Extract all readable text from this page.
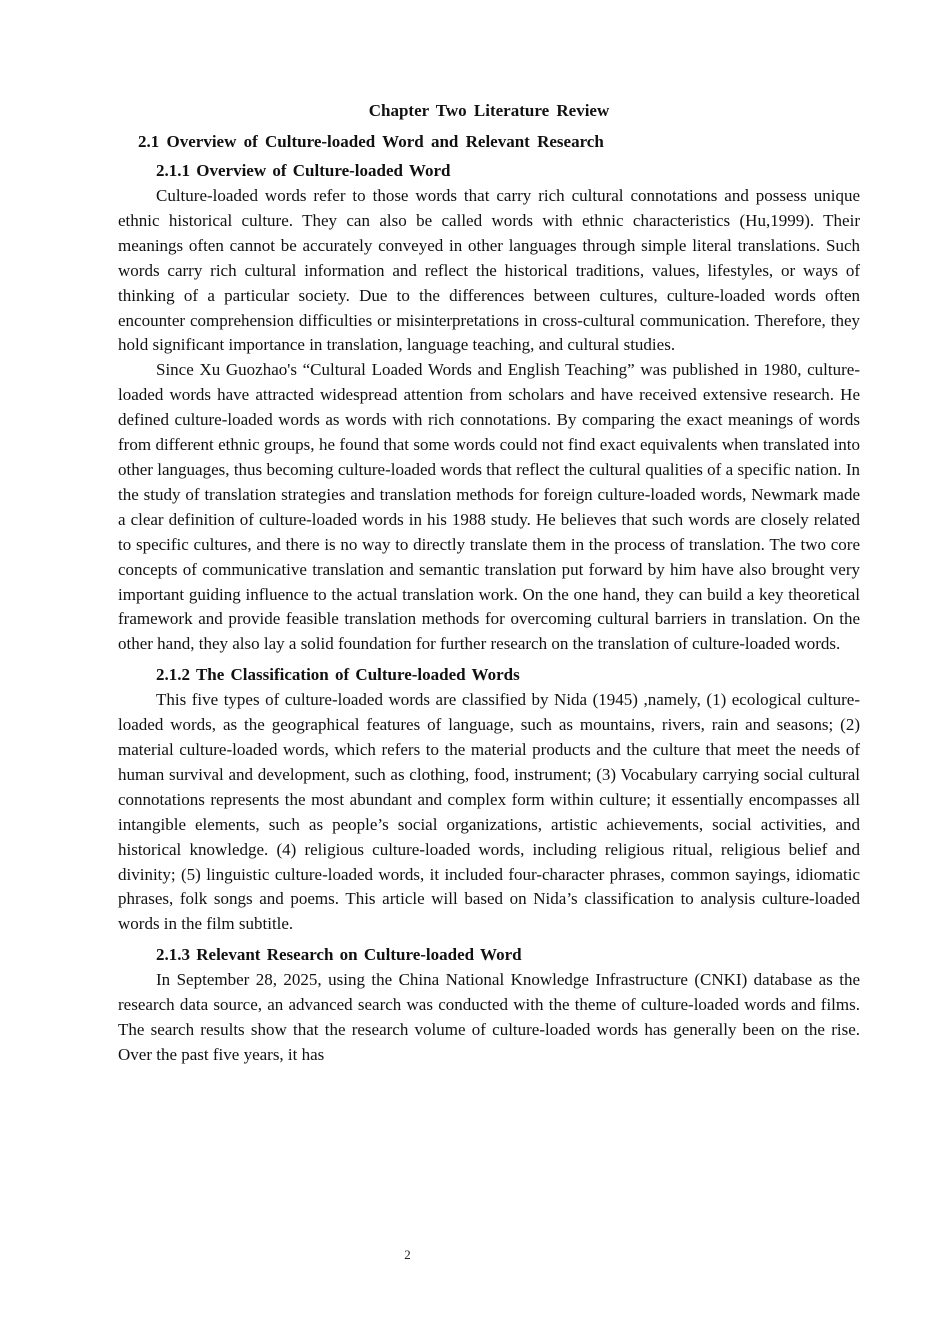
Chapter Two Literature Review
2.1 Overview of Culture-loaded Word and Relevant Research
2.1.1 Overview of Culture-loaded Word

Culture-loaded words refer to those words that carry rich cultural connotations and possess unique ethnic historical culture. They can also be called words with ethnic characteristics (Hu,1999). Their meanings often cannot be accurately conveyed in other languages through simple literal translations. Such words carry rich cultural information and reflect the historical traditions, values, lifestyles, or ways of thinking of a particular society. Due to the differences between cultures, culture-loaded words often encounter comprehension difficulties or misinterpretations in cross-cultural communication. Therefore, they hold significant importance in translation, language teaching, and cultural studies.

Since Xu Guozhao's “Cultural Loaded Words and English Teaching” was published in 1980, culture-loaded words have attracted widespread attention from scholars and have received extensive research. He defined culture-loaded words as words with rich connotations. By comparing the exact meanings of words from different ethnic groups, he found that some words could not find exact equivalents when translated into other languages, thus becoming culture-loaded words that reflect the cultural qualities of a specific nation. In the study of translation strategies and translation methods for foreign culture-loaded words, Newmark made a clear definition of culture-loaded words in his 1988 study. He believes that such words are closely related to specific cultures, and there is no way to directly translate them in the process of translation. The two core concepts of communicative translation and semantic translation put forward by him have also brought very important guiding influence to the actual translation work. On the one hand, they can build a key theoretical framework and provide feasible translation methods for overcoming cultural barriers in translation. On the other hand, they also lay a solid foundation for further research on the translation of culture-loaded words.

2.1.2 The Classification of Culture-loaded Words

This five types of culture-loaded words are classified by Nida (1945) ,namely, (1) ecological culture-loaded words, as the geographical features of language, such as mountains, rivers, rain and seasons; (2) material culture-loaded words, which refers to the material products and the culture that meet the needs of human survival and development, such as clothing, food, instrument; (3) Vocabulary carrying social cultural connotations represents the most abundant and complex form within culture; it essentially encompasses all intangible elements, such as people’s social organizations, artistic achievements, social activities, and historical knowledge. (4) religious culture-loaded words, including religious ritual, religious belief and divinity; (5) linguistic culture-loaded words, it included four-character phrases, common sayings, idiomatic phrases, folk songs and poems. This article will based on Nida’s classification to analysis culture-loaded words in the film subtitle.

2.1.3 Relevant Research on Culture-loaded Word

In September 28, 2025, using the China National Knowledge Infrastructure (CNKI) database as the research data source, an advanced search was conducted with the theme of culture-loaded words and films. The search results show that the research volume of culture-loaded words has generally been on the rise. Over the past five years, it has

2
